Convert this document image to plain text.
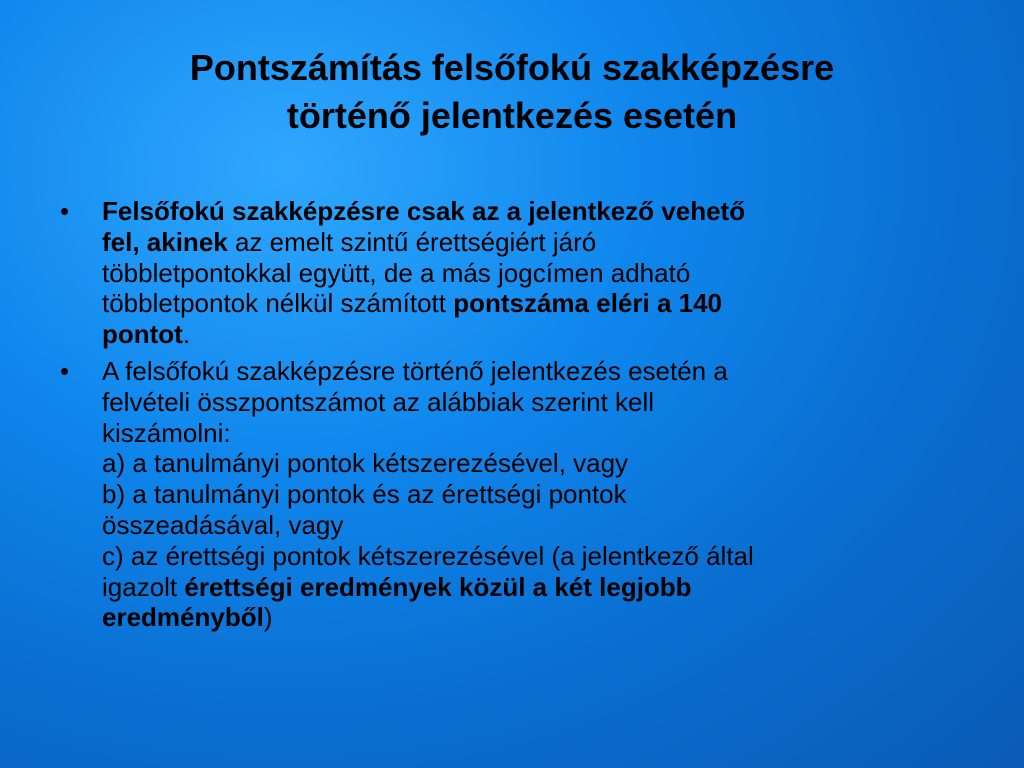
Pontszámítás felsőfokú szakképzésre
történő jelentkezés esetén
•	Felsőfokú szakképzésre csak az a jelentkező vehető
fel, akinek az emelt szintű érettségiért járó
többletpontokkal együtt, de a más jogcímen adható
többletpontok nélkül számított pontszáma eléri a 140
pontot.
•	A felsőfokú szakképzésre történő jelentkezés esetén a
felvételi összpontszámot az alábbiak szerint kell
kiszámolni:
a) a tanulmányi pontok kétszerezésével, vagy
b) a tanulmányi pontok és az érettségi pontok
összeadásával, vagy
c) az érettségi pontok kétszerezésével (a jelentkező által
igazolt érettségi eredmények közül a két legjobb
eredményből)
